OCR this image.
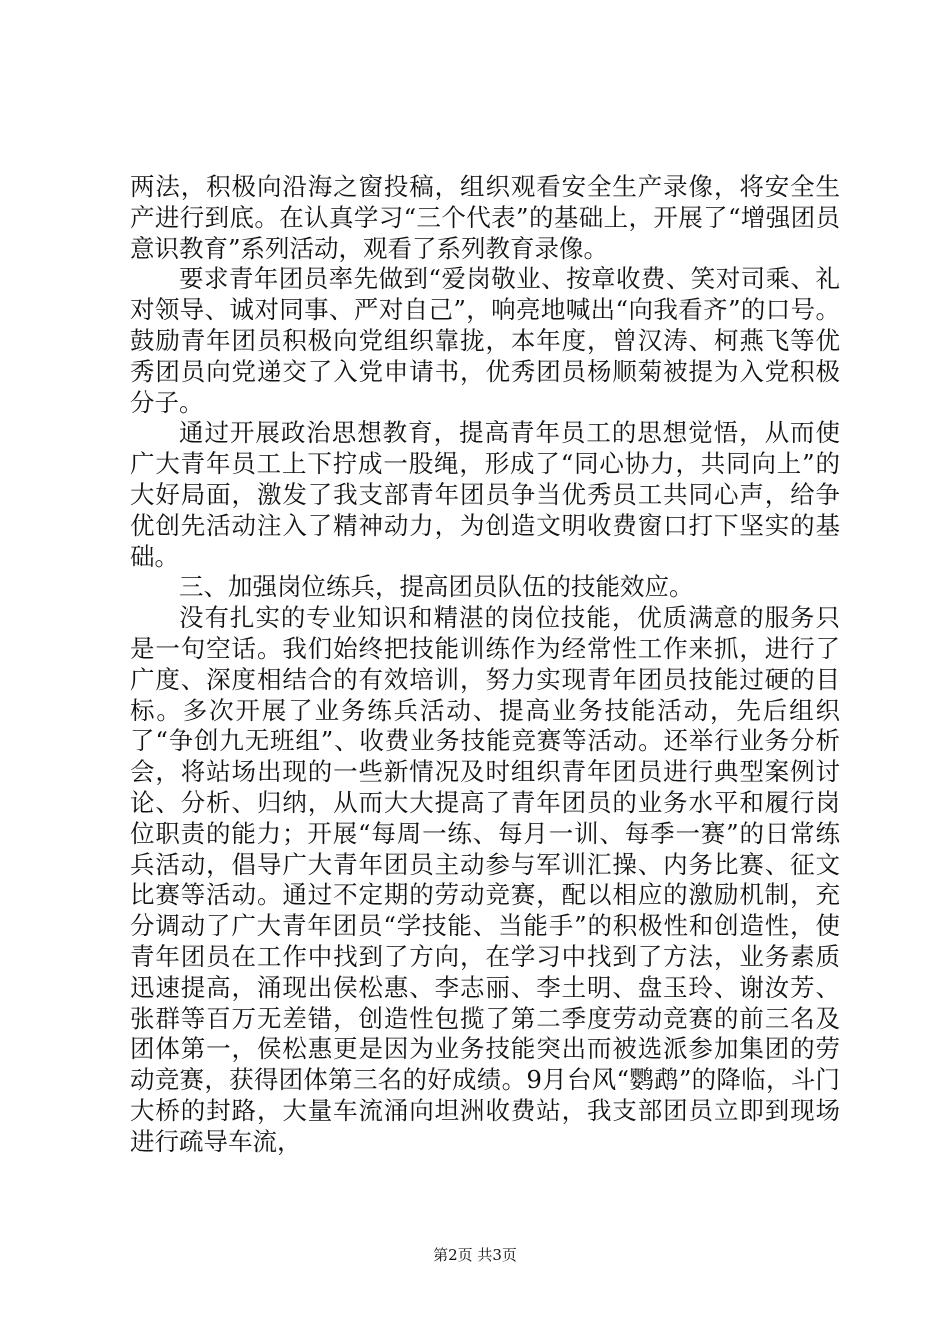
两法，积极向沿海之窗投稿，组织观看安全生产录像，将安全生产进行到底。在认真学习“三个代表”的基础上，开展了“增强团员意识教育”系列活动，观看了系列教育录像。

要求青年团员率先做到“爱岗敬业、按章收费、笑对司乘、礼对领导、诚对同事、严对自己”，响亮地喊出“向我看齐”的口号。鼓励青年团员积极向党组织靠拢，本年度，曾汉涛、柯燕飞等优秀团员向党递交了入党申请书，优秀团员杨顺菊被提为入党积极分子。

通过开展政治思想教育，提高青年员工的思想觉悟，从而使广大青年员工上下拧成一股绳，形成了“同心协力，共同向上”的大好局面，激发了我支部青年团员争当优秀员工共同心声，给争优创先活动注入了精神动力，为创造文明收费窗口打下坚实的基础。

三、加强岗位练兵，提高团员队伍的技能效应。

没有扎实的专业知识和精湛的岗位技能，优质满意的服务只是一句空话。我们始终把技能训练作为经常性工作来抓，进行了广度、深度相结合的有效培训，努力实现青年团员技能过硬的目标。多次开展了业务练兵活动、提高业务技能活动，先后组织了“争创九无班组”、收费业务技能竞赛等活动。还举行业务分析会，将站场出现的一些新情况及时组织青年团员进行典型案例讨论、分析、归纳，从而大大提高了青年团员的业务水平和履行岗位职责的能力；开展“每周一练、每月一训、每季一赛”的日常练兵活动，倡导广大青年团员主动参与军训汇操、内务比赛、征文比赛等活动。通过不定期的劳动竞赛，配以相应的激励机制，充分调动了广大青年团员“学技能、当能手”的积极性和创造性，使青年团员在工作中找到了方向，在学习中找到了方法，业务素质迅速提高，涌现出侯松惠、李志丽、李土明、盘玉玲、谢汝芳、张群等百万无差错，创造性包揽了第二季度劳动竞赛的前三名及团体第一，侯松惠更是因为业务技能突出而被选派参加集团的劳动竞赛，获得团体第三名的好成绩。9月台风“鹦鹉”的降临，斗门大桥的封路，大量车流涌向坦洲收费站，我支部团员立即到现场进行疏导车流，

第2页 共3页
